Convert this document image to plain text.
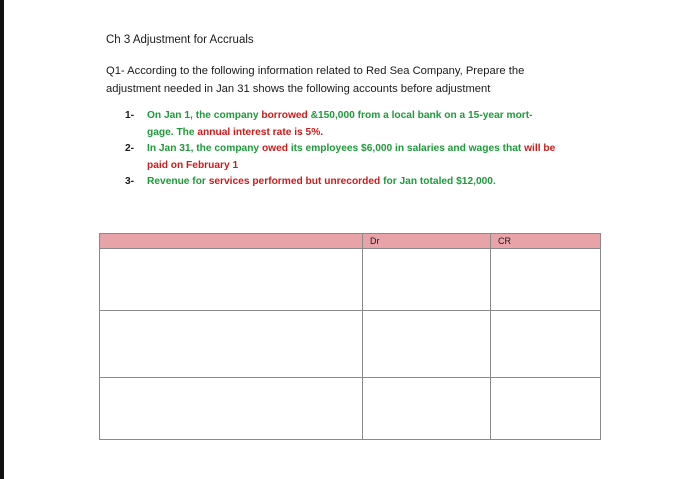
Ch 3 Adjustment for Accruals
Q1- According to the following information related to Red Sea Company, Prepare the
adjustment needed in Jan 31 shows the following accounts before adjustment
1- On Jan 1, the company borrowed &150,000 from a local bank on a 15-year mort-
gage. The annual interest rate is 5%.
2- In Jan 31, the company owed its employees $6,000 in salaries and wages that will be
paid on February 1
3- Revenue for services performed but unrecorded for Jan totaled $12,000.
	Dr	CR
